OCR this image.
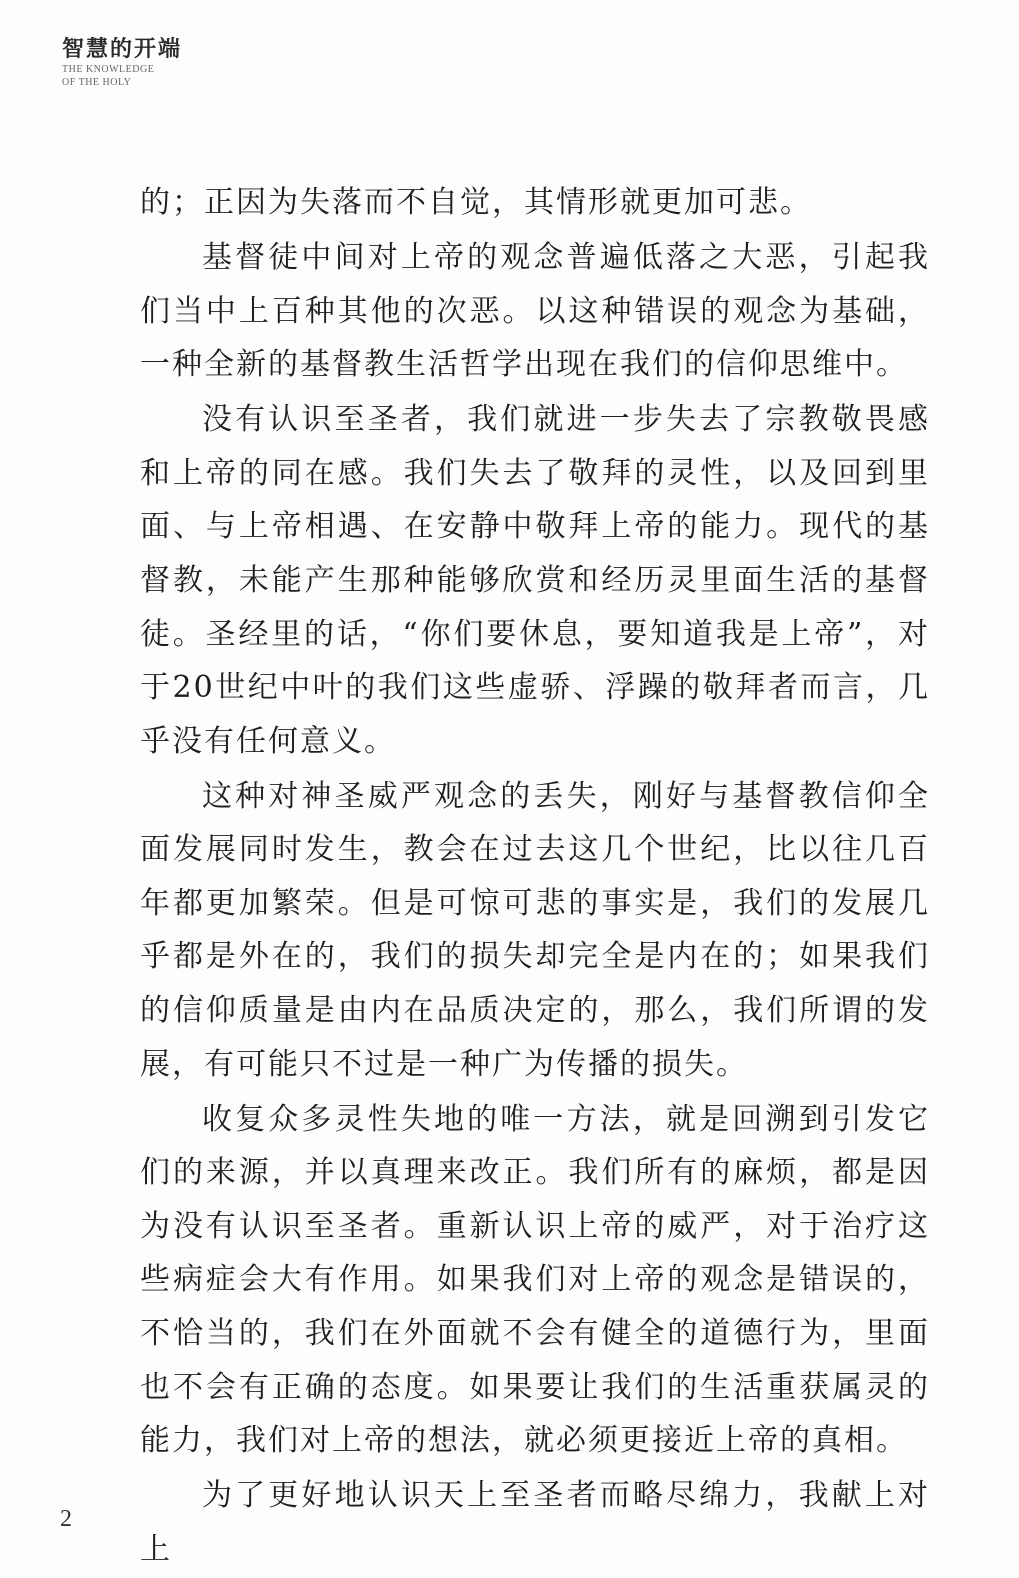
智慧的开端
THE KNOWLEDGE
OF THE HOLY

的；正因为失落而不自觉，其情形就更加可悲。

基督徒中间对上帝的观念普遍低落之大恶，引起我们当中上百种其他的次恶。以这种错误的观念为基础，一种全新的基督教生活哲学出现在我们的信仰思维中。

没有认识至圣者，我们就进一步失去了宗教敬畏感和上帝的同在感。我们失去了敬拜的灵性，以及回到里面、与上帝相遇、在安静中敬拜上帝的能力。现代的基督教，未能产生那种能够欣赏和经历灵里面生活的基督徒。圣经里的话，“你们要休息，要知道我是上帝”，对于20世纪中叶的我们这些虚骄、浮躁的敬拜者而言，几乎没有任何意义。

这种对神圣威严观念的丢失，刚好与基督教信仰全面发展同时发生，教会在过去这几个世纪，比以往几百年都更加繁荣。但是可惊可悲的事实是，我们的发展几乎都是外在的，我们的损失却完全是内在的；如果我们的信仰质量是由内在品质决定的，那么，我们所谓的发展，有可能只不过是一种广为传播的损失。

收复众多灵性失地的唯一方法，就是回溯到引发它们的来源，并以真理来改正。我们所有的麻烦，都是因为没有认识至圣者。重新认识上帝的威严，对于治疗这些病症会大有作用。如果我们对上帝的观念是错误的，不恰当的，我们在外面就不会有健全的道德行为，里面也不会有正确的态度。如果要让我们的生活重获属灵的能力，我们对上帝的想法，就必须更接近上帝的真相。

为了更好地认识天上至圣者而略尽绵力，我献上对上

2
